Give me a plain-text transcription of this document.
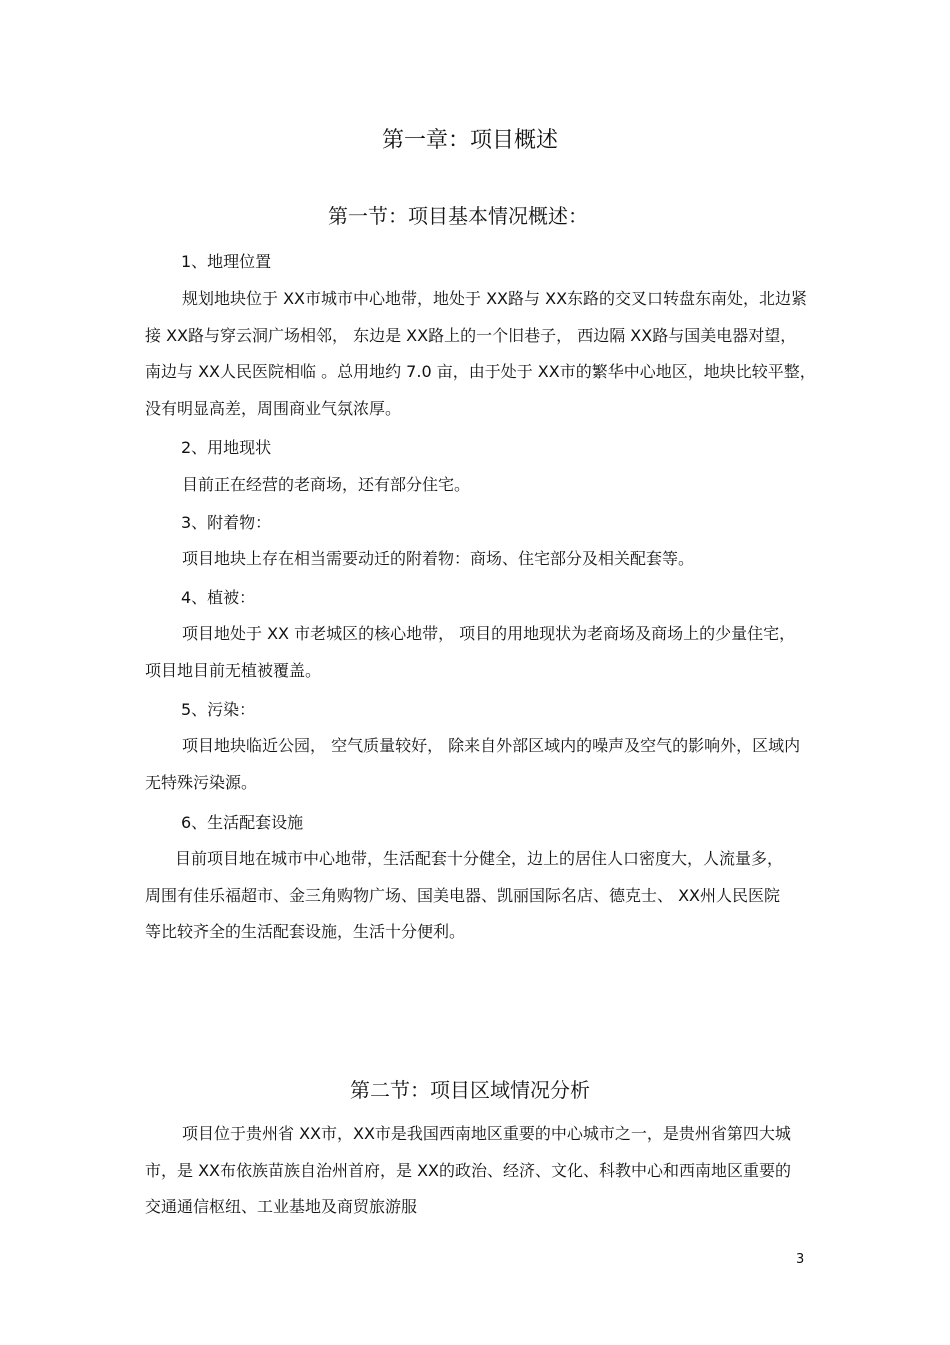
第一章：项目概述
第一节：项目基本情况概述：
1、地理位置

规划地块位于 XX市城市中心地带，地处于 XX路与 XX东路的交叉口转盘东南处，北边紧接 XX路与穿云洞广场相邻， 东边是 XX路上的一个旧巷子， 西边隔 XX路与国美电器对望， 南边与 XX人民医院相临 。总用地约 7.0 亩，由于处于 XX市的繁华中心地区，地块比较平整，没有明显高差，周围商业气氛浓厚。

2、用地现状

目前正在经营的老商场，还有部分住宅。

3、附着物：

项目地块上存在相当需要动迁的附着物：商场、住宅部分及相关配套等。

4、植被：

项目地处于 XX 市老城区的核心地带， 项目的用地现状为老商场及商场上的少量住宅，项目地目前无植被覆盖。

5、污染：

项目地块临近公园， 空气质量较好， 除来自外部区域内的噪声及空气的影响外，区域内无特殊污染源。

6、生活配套设施

目前项目地在城市中心地带，生活配套十分健全，边上的居住人口密度大，人流量多，周围有佳乐福超市、金三角购物广场、国美电器、凯丽国际名店、德克士、 XX州人民医院等比较齐全的生活配套设施，生活十分便利。

第二节：项目区域情况分析

项目位于贵州省 XX市，XX市是我国西南地区重要的中心城市之一，是贵州省第四大城市，是 XX布依族苗族自治州首府，是 XX的政治、经济、文化、科教中心和西南地区重要的交通通信枢纽、工业基地及商贸旅游服

3
